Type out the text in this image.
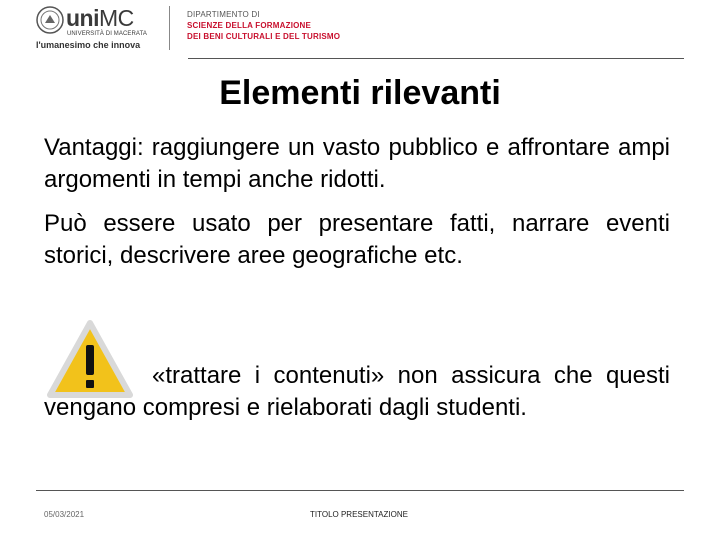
uniMC
UNIVERSITÀ DI MACERATA
l'umanesimo che innova
DIPARTIMENTO DI
SCIENZE DELLA FORMAZIONE
DEI BENI CULTURALI E DEL TURISMO
Elementi rilevanti
Vantaggi: raggiungere un vasto pubblico e affrontare ampi argomenti in tempi anche ridotti.
Può essere usato per presentare fatti, narrare eventi storici, descrivere aree geografiche etc.
«trattare i contenuti» non assicura che questi vengano compresi e rielaborati dagli studenti.
05/03/2021	TITOLO PRESENTAZIONE
